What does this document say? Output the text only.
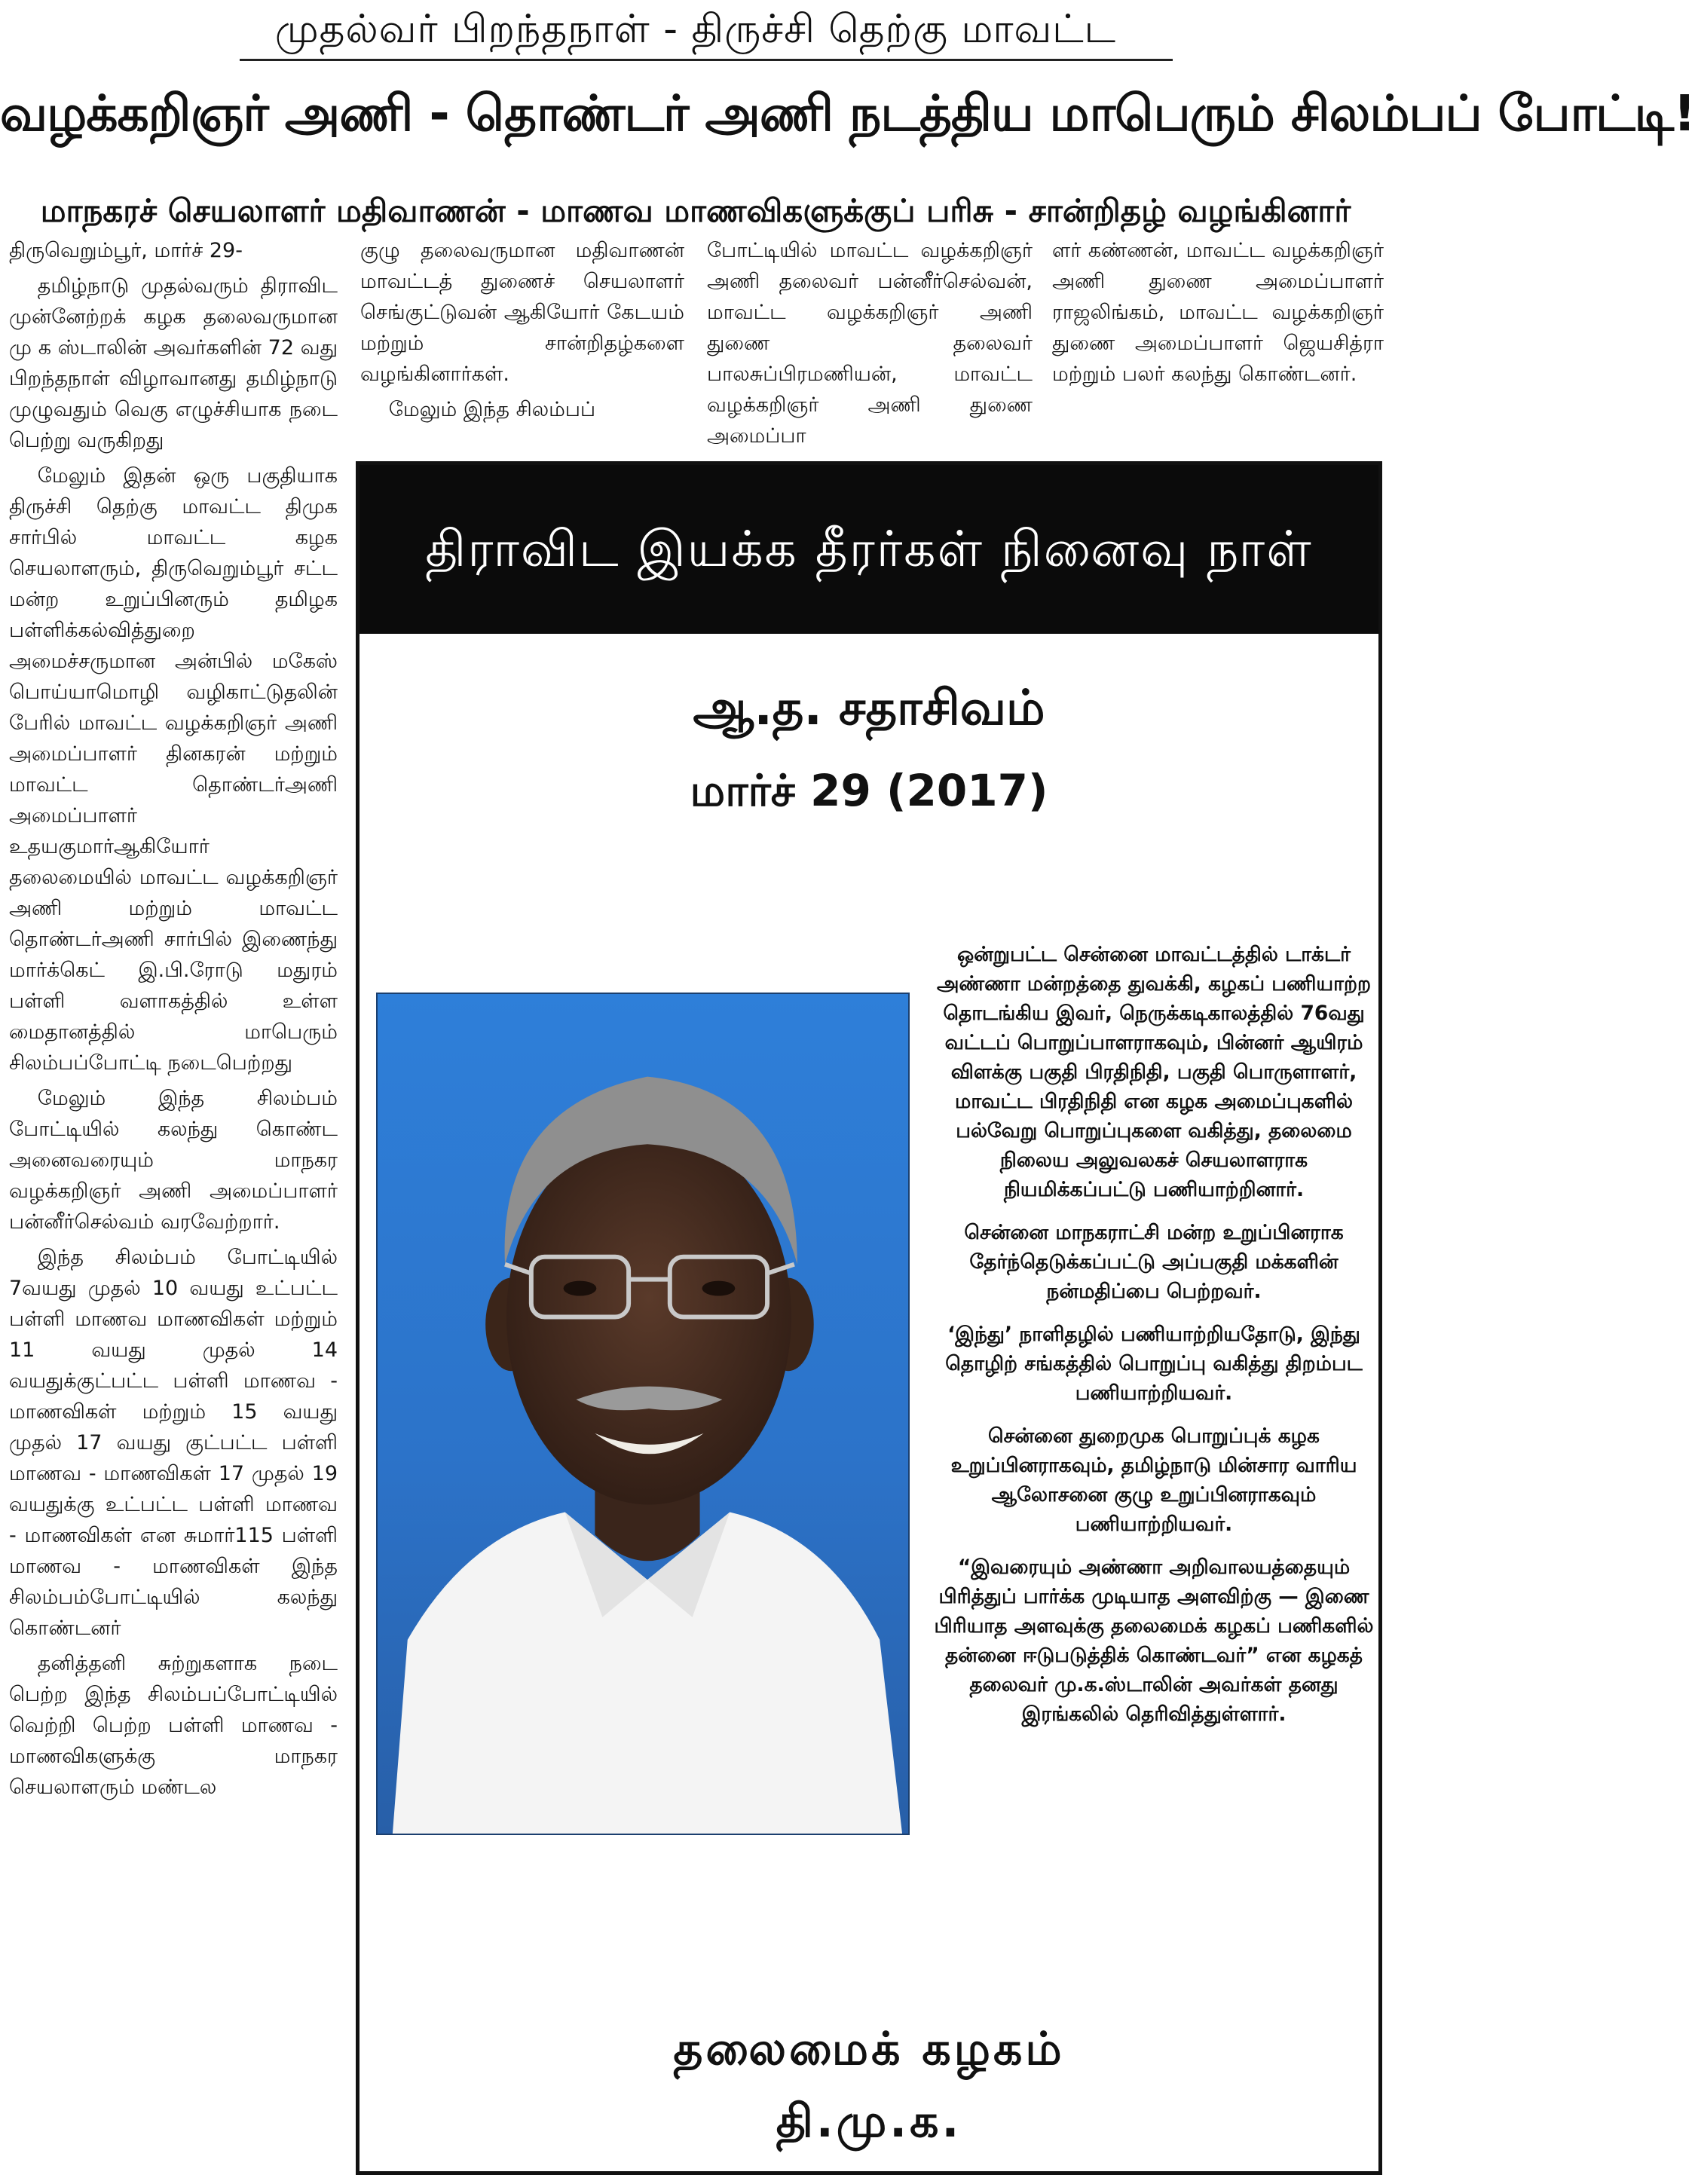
முதல்வர் பிறந்தநாள் - திருச்சி தெற்கு மாவட்ட
வழக்கறிஞர் அணி - தொண்டர் அணி நடத்திய மாபெரும் சிலம்பப் போட்டி!
மாநகரச் செயலாளர் மதிவாணன் - மாணவ மாணவிகளுக்குப் பரிசு - சான்றிதழ் வழங்கினார்

திருவெறும்பூர், மார்ச் 29-

தமிழ்நாடு முதல்வரும் திராவிட முன்னேற்றக் கழக தலைவருமான மு க ஸ்டாலின் அவர்களின் 72 வது பிறந்தநாள் விழாவானது தமிழ்நாடு முழுவதும் வெகு எழுச்சியாக நடை பெற்று வருகிறது

மேலும் இதன் ஒரு பகுதியாக திருச்சி தெற்கு மாவட்ட திமுக சார்பில் மாவட்ட கழக செயலாளரும், திருவெறும்பூர் சட்ட மன்ற உறுப்பினரும் தமிழக பள்ளிக்கல்வித்துறை அமைச்சருமான அன்பில் மகேஸ் பொய்யாமொழி வழிகாட்டுதலின் பேரில் மாவட்ட வழக்கறிஞர் அணி அமைப்பாளர் தினகரன் மற்றும் மாவட்ட தொண்டர்அணி அமைப்பாளர் உதயகுமார்ஆகியோர் தலைமையில் மாவட்ட வழக்கறிஞர் அணி மற்றும் மாவட்ட தொண்டர்அணி சார்பில் இணைந்து மார்க்கெட் இ.பி.ரோடு மதுரம் பள்ளி வளாகத்தில் உள்ள மைதானத்தில் மாபெரும் சிலம்பப்போட்டி நடைபெற்றது

மேலும் இந்த சிலம்பம் போட்டியில் கலந்து கொண்ட அனைவரையும் மாநகர வழக்கறிஞர் அணி அமைப்பாளர் பன்னீர்செல்வம் வரவேற்றார்.

இந்த சிலம்பம் போட்டியில் 7வயது முதல் 10 வயது உட்பட்ட பள்ளி மாணவ மாணவிகள் மற்றும் 11 வயது முதல் 14 வயதுக்குட்பட்ட பள்ளி மாணவ - மாணவிகள் மற்றும் 15 வயது முதல் 17 வயது குட்பட்ட பள்ளி மாணவ - மாணவிகள் 17 முதல் 19 வயதுக்கு உட்பட்ட பள்ளி மாணவ - மாணவிகள் என சுமார்115 பள்ளி மாணவ - மாணவிகள் இந்த சிலம்பம்போட்டியில் கலந்து கொண்டனர்

தனித்தனி சுற்றுகளாக நடை பெற்ற இந்த சிலம்பப்போட்டியில் வெற்றி பெற்ற பள்ளி மாணவ - மாணவிகளுக்கு மாநகர செயலாளரும் மண்டல

குழு தலைவருமான மதிவாணன் மாவட்டத் துணைச் செயலாளர் செங்குட்டுவன் ஆகியோர் கேடயம் மற்றும் சான்றிதழ்களை வழங்கினார்கள்.

மேலும் இந்த சிலம்பப்

போட்டியில் மாவட்ட வழக்கறிஞர் அணி தலைவர் பன்னீர்செல்வன், மாவட்ட வழக்கறிஞர் அணி துணை தலைவர் பாலசுப்பிரமணியன், மாவட்ட வழக்கறிஞர் அணி துணை அமைப்பா

ளர் கண்ணன், மாவட்ட வழக்கறிஞர் அணி துணை அமைப்பாளர் ராஜலிங்கம், மாவட்ட வழக்கறிஞர் துணை அமைப்பாளர் ஜெயசித்ரா மற்றும் பலர் கலந்து கொண்டனர்.

திராவிட இயக்க தீரர்கள் நினைவு நாள்
ஆ.த. சதாசிவம்
மார்ச் 29 (2017)

ஒன்றுபட்ட சென்னை மாவட்டத்தில் டாக்டர் அண்ணா மன்றத்தை துவக்கி, கழகப் பணியாற்ற தொடங்கிய இவர், நெருக்கடிகாலத்தில் 76வது வட்டப் பொறுப்பாளராகவும், பின்னர் ஆயிரம் விளக்கு பகுதி பிரதிநிதி, பகுதி பொருளாளர், மாவட்ட பிரதிநிதி என கழக அமைப்புகளில் பல்வேறு பொறுப்புகளை வகித்து, தலைமை நிலைய அலுவலகச் செயலாளராக நியமிக்கப்பட்டு பணியாற்றினார்.

சென்னை மாநகராட்சி மன்ற உறுப்பினராக தேர்ந்தெடுக்கப்பட்டு அப்பகுதி மக்களின் நன்மதிப்பை பெற்றவர்.

‘இந்து’ நாளிதழில் பணியாற்றியதோடு, இந்து தொழிற் சங்கத்தில் பொறுப்பு வகித்து திறம்பட பணியாற்றியவர்.

சென்னை துறைமுக பொறுப்புக் கழக உறுப்பினராகவும், தமிழ்நாடு மின்சார வாரிய ஆலோசனை குழு உறுப்பினராகவும் பணியாற்றியவர்.

“இவரையும் அண்ணா அறிவாலயத்தையும் பிரித்துப் பார்க்க முடியாத அளவிற்கு — இணை பிரியாத அளவுக்கு தலைமைக் கழகப் பணிகளில் தன்னை ஈடுபடுத்திக் கொண்டவர்” என கழகத் தலைவர் மு.க.ஸ்டாலின் அவர்கள் தனது இரங்கலில் தெரிவித்துள்ளார்.

தலைமைக் கழகம்
தி.மு.க.
